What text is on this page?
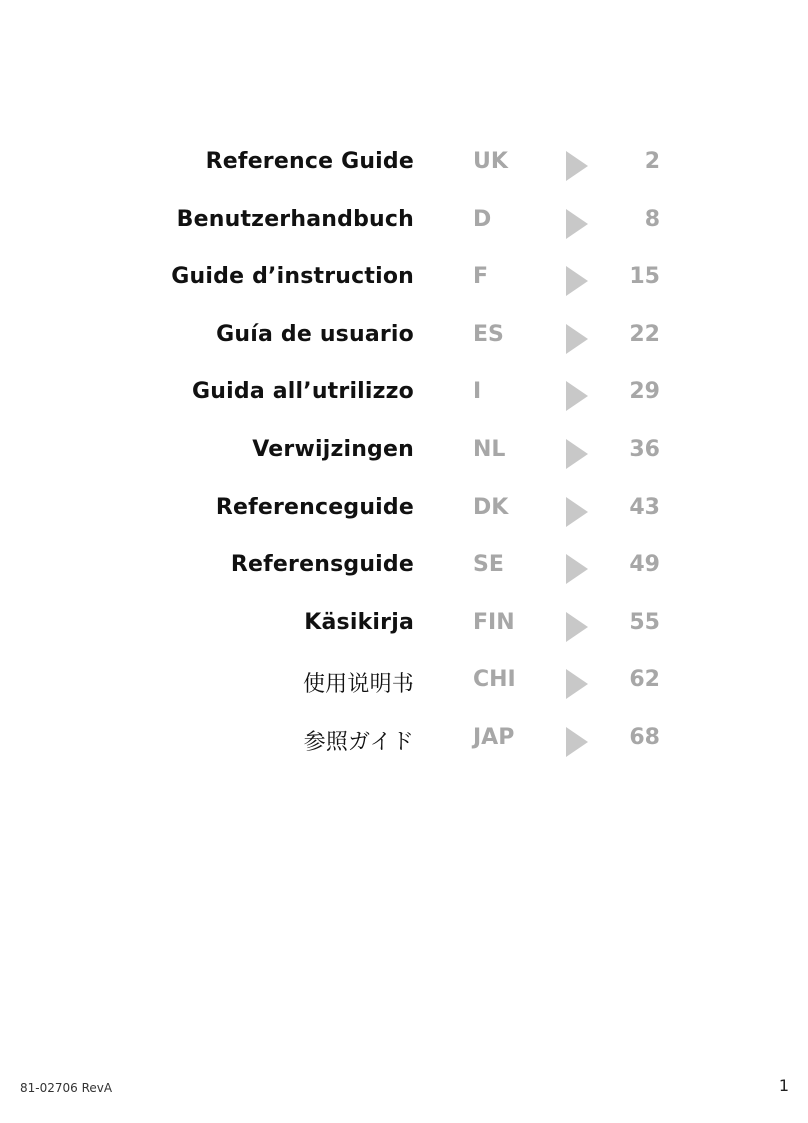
Reference Guide	UK	2
Benutzerhandbuch	D	8
Guide d’instruction	F	15
Guía de usuario	ES	22
Guida all’utrilizzo	I	29
Verwijzingen	NL	36
Referenceguide	DK	43
Referensguide	SE	49
Käsikirja	FIN	55
使用说明书	CHI	62
参照ガイド	JAP	68
81-02706 RevA	1
